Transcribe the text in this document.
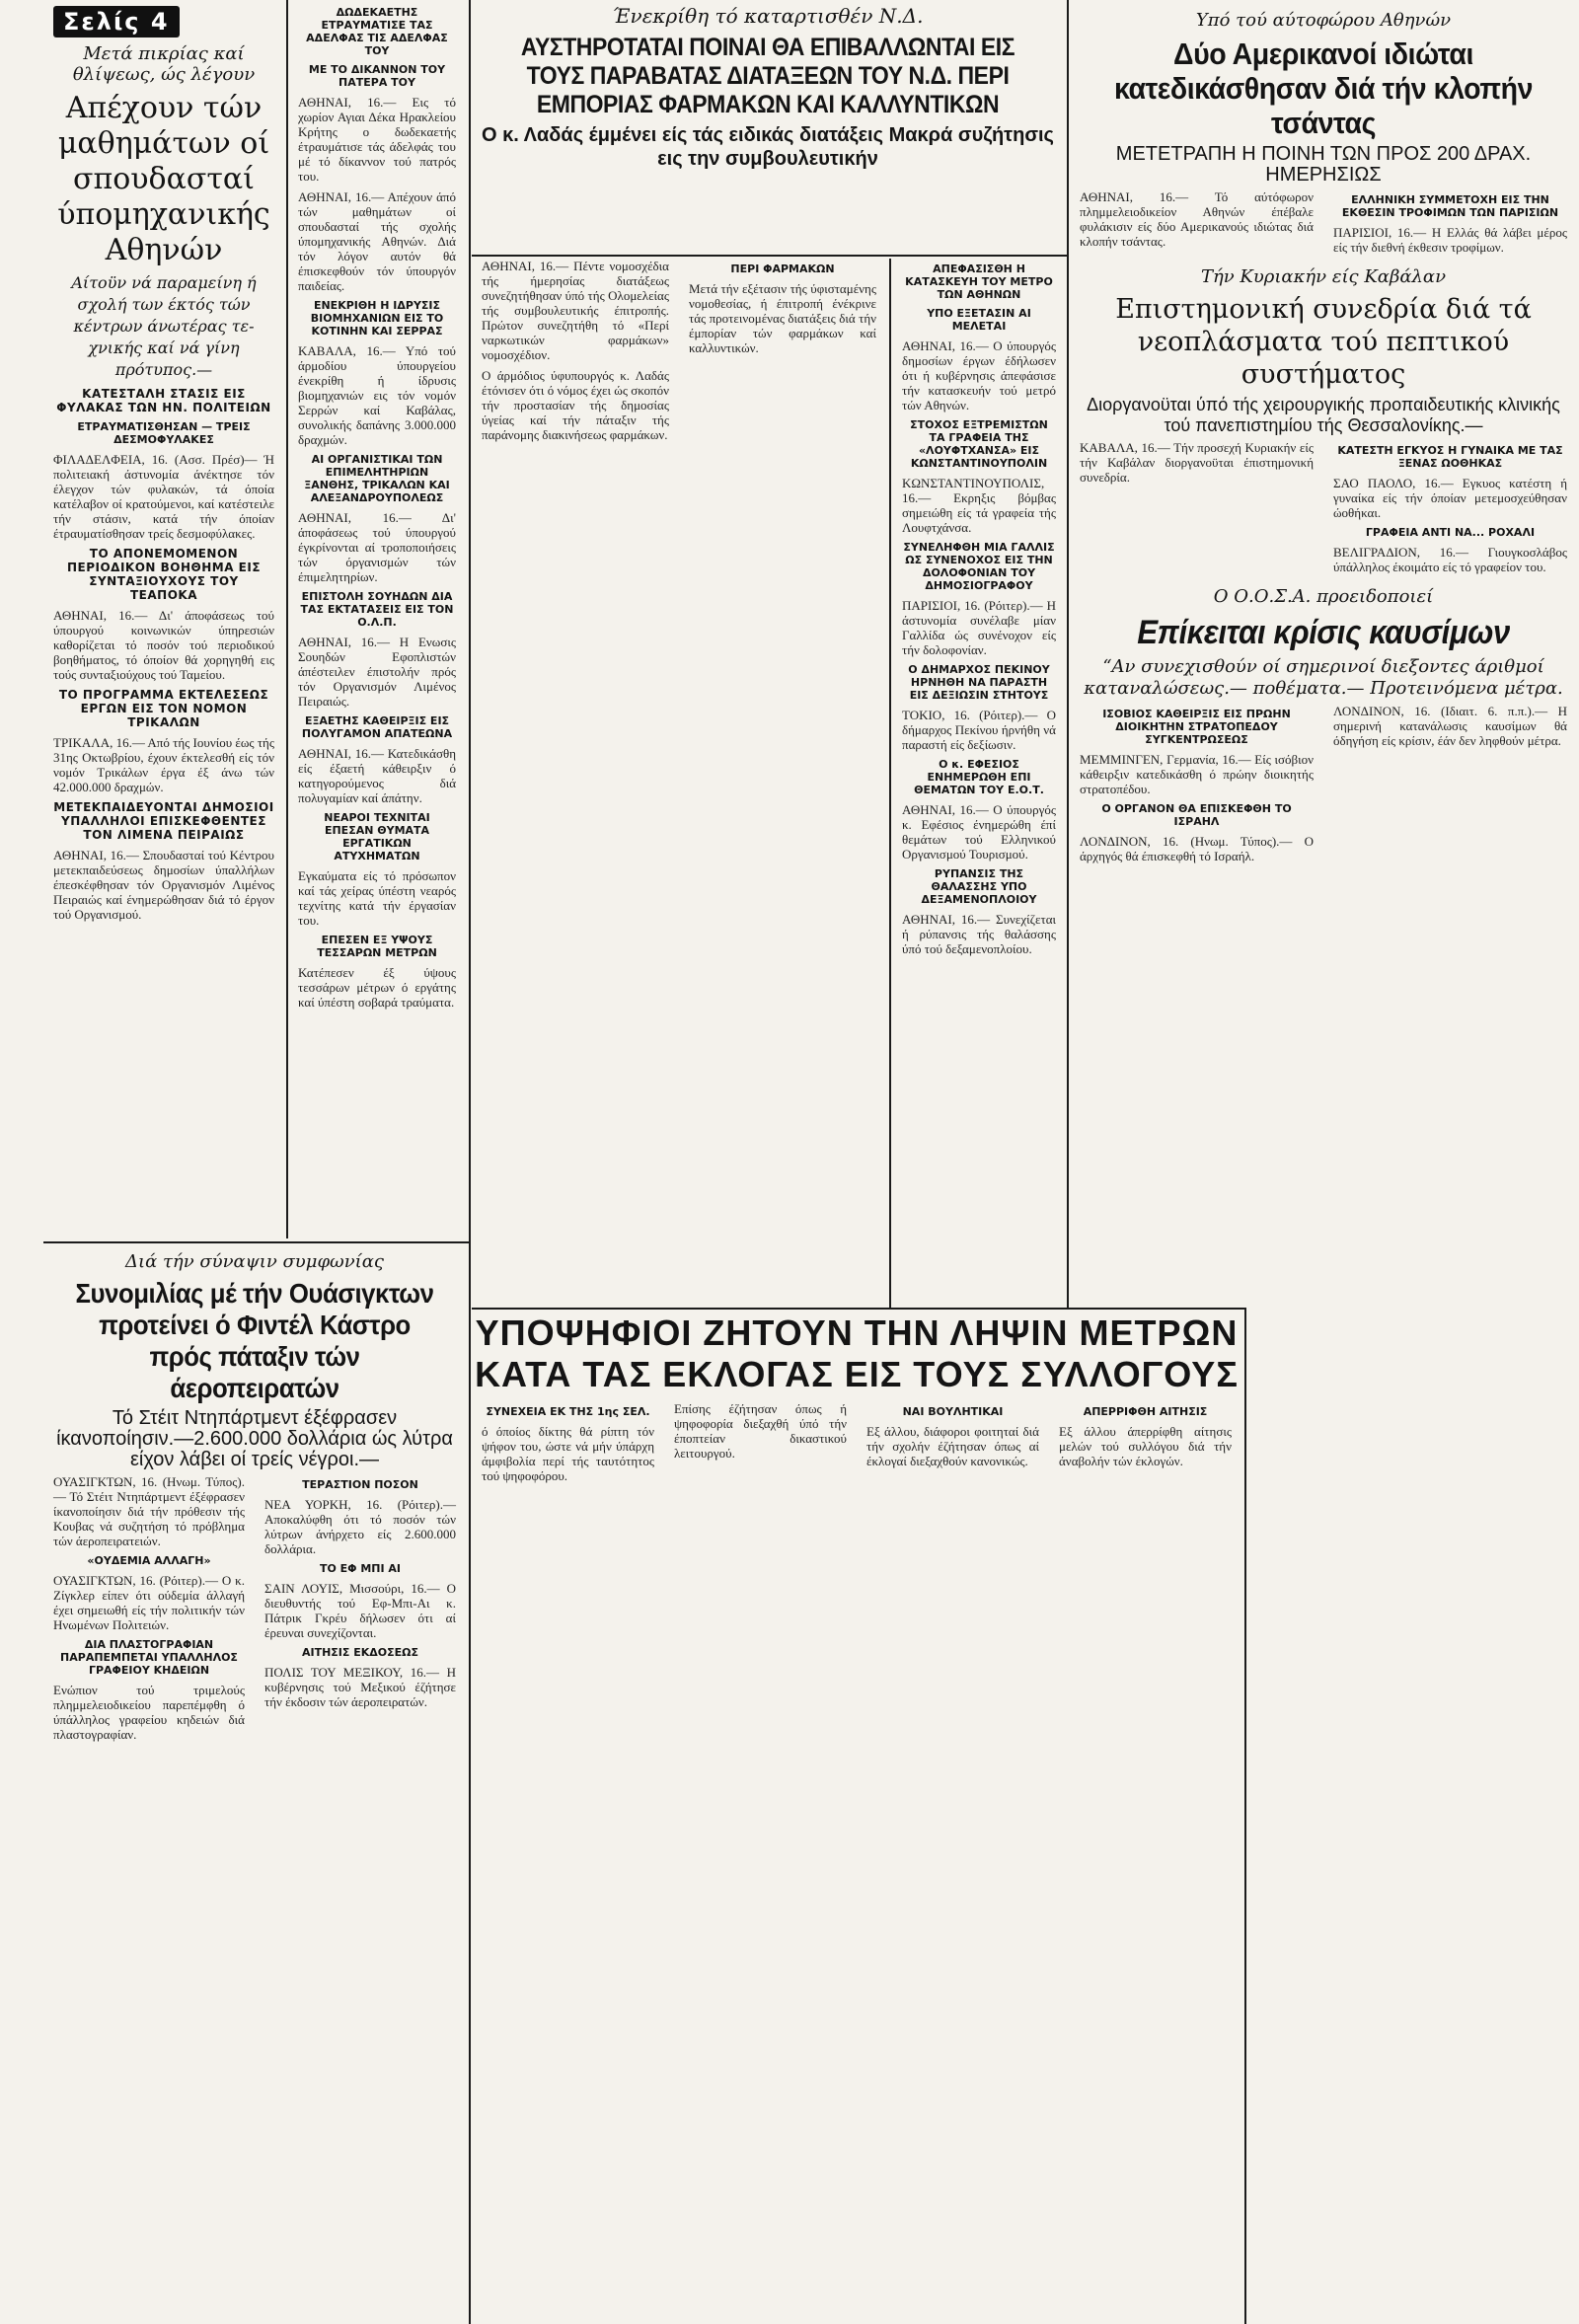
Σελίς 4
Μετά πικρίας καί θλίψεως, ώς λέγουν
Απέχουν τών μαθημάτων οί σπουδασταί ύπομηχανικής Αθηνών
Αίτοϋν νά παραμείνη ή σχολή των έκτός τών κέντρων άνωτέρας τε-χνικής καί νά γίνη πρότυπος.—
ΚΑΤΕΣΤΑΛΗ ΣΤΑΣΙΣ ΕΙΣ ΦΥΛΑΚΑΣ ΤΩΝ ΗΝ. ΠΟΛΙΤΕΙΩΝ
ΕΤΡΑΥΜΑΤΙΣΘΗΣΑΝ — ΤΡΕΙΣ ΔΕΣΜΟΦΥΛΑΚΕΣ

ΦΙΛΑΔΕΛΦΕΙΑ, 16. (Ασσ. Πρέσ)— Ή πολιτειακή άστυνομία άνέκτησε τόν έλεγχον τών φυλακών, τά όποία κατέλαβον οί κρατούμενοι, καί κατέστειλε τήν στάσιν, κατά τήν όποίαν έτραυματίσθησαν τρείς δεσμοφύλακες.

ΤΟ ΑΠΟΝΕΜΟΜΕΝΟΝ ΠΕΡΙΟΔΙΚΟΝ ΒΟΗΘΗΜΑ ΕΙΣ ΣΥΝΤΑΞΙΟΥΧΟΥΣ ΤΟΥ ΤΕΑΠΟΚΑ

ΑΘΗΝΑΙ, 16.— Δι' άποφάσεως τού ύπουργού κοινωνικών ύπηρεσιών καθορίζεται τό ποσόν τού περιοδικού βοηθήματος, τό όποίον θά χορηγηθή εις τούς συνταξιούχους τού Ταμείου.

ΤΟ ΠΡΟΓΡΑΜΜΑ ΕΚΤΕΛΕΣΕΩΣ ΕΡΓΩΝ ΕΙΣ ΤΟΝ ΝΟΜΟΝ ΤΡΙΚΑΛΩΝ

ΤΡΙΚΑΛΑ, 16.— Από τής Ιουνίου έως τής 31ης Οκτωβρίου, έχουν έκτελεσθή είς τόν νομόν Τρικάλων έργα έξ άνω τών 42.000.000 δραχμών.

ΜΕΤΕΚΠΑΙΔΕΥΟΝΤΑΙ ΔΗΜΟΣΙΟΙ ΥΠΑΛΛΗΛΟΙ ΕΠΙΣΚΕΦΘΕΝΤΕΣ ΤΟΝ ΛΙΜΕΝΑ ΠΕΙΡΑΙΩΣ

ΑΘΗΝΑΙ, 16.— Σπουδασταί τού Κέντρου μετεκπαιδεύσεως δημοσίων ύπαλλήλων έπεσκέφθησαν τόν Οργανισμόν Λιμένος Πειραιώς καί ένημερώθησαν διά τό έργον τού Οργανισμού.

ΔΩΔΕΚΑΕΤΗΣ ΕΤΡΑΥΜΑΤΙΣΕ ΤΑΣ ΑΔΕΛΦΑΣ ΤΙΣ ΑΔΕΛΦΑΣ ΤΟΥ
ΜΕ ΤΟ ΔΙΚΑΝΝΟΝ ΤΟΥ ΠΑΤΕΡΑ ΤΟΥ

ΑΘΗΝΑΙ, 16.— Εις τό χωρίον Αγιαι Δέκα Ηρακλείου Κρήτης ο δωδεκαετής έτραυμάτισε τάς άδελφάς του μέ τό δίκαννον τού πατρός του.

ΑΘΗΝΑΙ, 16.— Απέχουν άπό τών μαθημάτων οί σπουδασταί τής σχολής ύπομηχανικής Αθηνών. Διά τόν λόγον αυτόν θά έπισκεφθούν τόν ύπουργόν παιδείας.

ΕΝΕΚΡΙΘΗ Η ΙΔΡΥΣΙΣ ΒΙΟΜΗΧΑΝΙΩΝ ΕΙΣ ΤΟ ΚΟΤΙΝΗΝ ΚΑΙ ΣΕΡΡΑΣ

ΚΑΒΑΛΑ, 16.— Υπό τού άρμοδίου ύπουργείου ένεκρίθη ή ίδρυσις βιομηχανιών εις τόν νομόν Σερρών καί Καβάλας, συνολικής δαπάνης 3.000.000 δραχμών.

ΑΙ ΟΡΓΑΝΙΣΤΙΚΑΙ ΤΩΝ ΕΠΙΜΕΛΗΤΗΡΙΩΝ ΞΑΝΘΗΣ, ΤΡΙΚΑΛΩΝ ΚΑΙ ΑΛΕΞΑΝΔΡΟΥΠΟΛΕΩΣ

ΑΘΗΝΑΙ, 16.— Δι' άποφάσεως τού ύπουργού έγκρίνονται αί τροποποιήσεις τών όργανισμών τών έπιμελητηρίων.

ΕΠΙΣΤΟΛΗ ΣΟΥΗΔΩΝ ΔΙΑ ΤΑΣ ΕΚΤΑΤΑΣΕΙΣ ΕΙΣ ΤΟΝ Ο.Λ.Π.

ΑΘΗΝΑΙ, 16.— Η Ενωσις Σουηδών Εφοπλιστών άπέστειλεν έπιστολήν πρός τόν Οργανισμόν Λιμένος Πειραιώς.

ΕΞΑΕΤΗΣ ΚΑΘΕΙΡΞΙΣ ΕΙΣ ΠΟΛΥΓΑΜΟΝ ΑΠΑΤΕΩΝΑ

ΑΘΗΝΑΙ, 16.— Κατεδικάσθη είς έξαετή κάθειρξιν ό κατηγορούμενος διά πολυγαμίαν καί άπάτην.

ΝΕΑΡΟΙ ΤΕΧΝΙΤΑΙ ΕΠΕΣΑΝ ΘΥΜΑΤΑ ΕΡΓΑΤΙΚΩΝ ΑΤΥΧΗΜΑΤΩΝ

Εγκαύματα είς τό πρόσωπον καί τάς χείρας ύπέστη νεαρός τεχνίτης κατά τήν έργασίαν του.

ΕΠΕΣΕΝ ΕΞ ΥΨΟΥΣ ΤΕΣΣΑΡΩΝ ΜΕΤΡΩΝ

Κατέπεσεν έξ ύψους τεσσάρων μέτρων ό εργάτης καί ύπέστη σοβαρά τραύματα.

Διά τήν σύναψιν συμφωνίας
Συνομιλίας μέ τήν Ουάσιγκτων προτείνει ό Φιντέλ Κάστρο πρός πάταξιν τών άεροπειρατών
Τό Στέιτ Ντηπάρτμεντ έξέφρασεν ίκανοποίησιν.—2.600.000 δολλάρια ώς λύτρα είχον λάβει οί τρείς νέγροι.—

ΟΥΑΣΙΓΚΤΩΝ, 16. (Ηνωμ. Τύπος).— Τό Στέιτ Ντηπάρτμεντ έξέφρασεν ίκανοποίησιν διά τήν πρόθεσιν τής Κουβας νά συζητήση τό πρόβλημα τών άεροπειρατειών.

«ΟΥΔΕΜΙΑ ΑΛΛΑΓΗ»

ΟΥΑΣΙΓΚΤΩΝ, 16. (Ρόιτερ).— Ο κ. Ζίγκλερ είπεν ότι ούδεμία άλλαγή έχει σημειωθή είς τήν πολιτικήν τών Ηνωμένων Πολιτειών.

ΔΙΑ ΠΛΑΣΤΟΓΡΑΦΙΑΝ ΠΑΡΑΠΕΜΠΕΤΑΙ ΥΠΑΛΛΗΛΟΣ ΓΡΑΦΕΙΟΥ ΚΗΔΕΙΩΝ

Ενώπιον τού τριμελούς πλημμελειοδικείου παρεπέμφθη ό ύπάλληλος γραφείου κηδειών διά πλαστογραφίαν.

ΤΕΡΑΣΤΙΟΝ ΠΟΣΟΝ

ΝΕΑ ΥΟΡΚΗ, 16. (Ρόιτερ).— Αποκαλύφθη ότι τό ποσόν τών λύτρων άνήρχετο είς 2.600.000 δολλάρια.

ΤΟ ΕΦ ΜΠΙ ΑΙ

ΣΑΙΝ ΛΟΥΙΣ, Μισσούρι, 16.— Ο διευθυντής τού Εφ-Μπι-Αι κ. Πάτρικ Γκρέυ δήλωσεν ότι αί έρευναι συνεχίζονται.

ΑΙΤΗΣΙΣ ΕΚΔΟΣΕΩΣ

ΠΟΛΙΣ ΤΟΥ ΜΕΞΙΚΟΥ, 16.— Η κυβέρνησις τού Μεξικού έζήτησε τήν έκδοσιν τών άεροπειρατών.

Ένεκρίθη τό καταρτισθέν Ν.Δ.
ΑΥΣΤΗΡΟΤΑΤΑΙ ΠΟΙΝΑΙ ΘΑ ΕΠΙΒΑΛΛΩΝΤΑΙ ΕΙΣ ΤΟΥΣ ΠΑΡΑΒΑΤΑΣ ΔΙΑΤΑΞΕΩΝ ΤΟΥ Ν.Δ. ΠΕΡΙ ΕΜΠΟΡΙΑΣ ΦΑΡΜΑΚΩΝ ΚΑΙ ΚΑΛΛΥΝΤΙΚΩΝ
Ο κ. Λαδάς έμμένει είς τάς ειδικάς διατάξεις Μακρά συζήτησις εις την συμβουλευτικήν

ΑΘΗΝΑΙ, 16.— Πέντε νομοσχέδια τής ήμερησίας διατάξεως συνεζητήθησαν ύπό τής Ολομελείας τής συμβουλευτικής έπιτροπής. Πρώτον συνεζητήθη τό «Περί ναρκωτικών φαρμάκων» νομοσχέδιον.

Ο άρμόδιος ύφυπουργός κ. Λαδάς έτόνισεν ότι ό νόμος έχει ώς σκοπόν τήν προστασίαν τής δημοσίας ύγείας καί τήν πάταξιν τής παράνομης διακινήσεως φαρμάκων.

ΠΕΡΙ ΦΑΡΜΑΚΩΝ

Μετά τήν εξέτασιν τής ύφισταμένης νομοθεσίας, ή έπιτροπή ένέκρινε τάς προτεινομένας διατάξεις διά τήν έμπορίαν τών φαρμάκων καί καλλυντικών.

ΑΠΕΦΑΣΙΣΘΗ Η ΚΑΤΑΣΚΕΥΗ ΤΟΥ ΜΕΤΡΟ ΤΩΝ ΑΘΗΝΩΝ
ΥΠΟ ΕΞΕΤΑΣΙΝ ΑΙ ΜΕΛΕΤΑΙ

ΑΘΗΝΑΙ, 16.— Ο ύπουργός δημοσίων έργων έδήλωσεν ότι ή κυβέρνησις άπεφάσισε τήν κατασκευήν τού μετρό τών Αθηνών.

ΣΤΟΧΟΣ ΕΞΤΡΕΜΙΣΤΩΝ ΤΑ ΓΡΑΦΕΙΑ ΤΗΣ «ΛΟΥΦΤΧΑΝΣΑ» ΕΙΣ ΚΩΝΣΤΑΝΤΙΝΟΥΠΟΛΙΝ

ΚΩΝΣΤΑΝΤΙΝΟΥΠΟΛΙΣ, 16.— Εκρηξις βόμβας σημειώθη είς τά γραφεία τής Λουφτχάνσα.

ΣΥΝΕΛΗΦΘΗ ΜΙΑ ΓΑΛΛΙΣ ΩΣ ΣΥΝΕΝΟΧΟΣ ΕΙΣ ΤΗΝ ΔΟΛΟΦΟΝΙΑΝ ΤΟΥ ΔΗΜΟΣΙΟΓΡΑΦΟΥ

ΠΑΡΙΣΙΟΙ, 16. (Ρόιτερ).— Η άστυνομία συνέλαβε μίαν Γαλλίδα ώς συνένοχον είς τήν δολοφονίαν.

Ο ΔΗΜΑΡΧΟΣ ΠΕΚΙΝΟΥ ΗΡΝΗΘΗ ΝΑ ΠΑΡΑΣΤΗ ΕΙΣ ΔΕΞΙΩΣΙΝ ΣΤΗΤΟΥΣ

ΤΟΚΙΟ, 16. (Ρόιτερ).— Ο δήμαρχος Πεκίνου ήρνήθη νά παραστή είς δεξίωσιν.

Ο κ. ΕΦΕΣΙΟΣ ΕΝΗΜΕΡΩΘΗ ΕΠΙ ΘΕΜΑΤΩΝ ΤΟΥ Ε.Ο.Τ.

ΑΘΗΝΑΙ, 16.— Ο ύπουργός κ. Εφέσιος ένημερώθη έπί θεμάτων τού Ελληνικού Οργανισμού Τουρισμού.

ΡΥΠΑΝΣΙΣ ΤΗΣ ΘΑΛΑΣΣΗΣ ΥΠΟ ΔΕΞΑΜΕΝΟΠΛΟΙΟΥ

ΑΘΗΝΑΙ, 16.— Συνεχίζεται ή ρύπανσις τής θαλάσσης ύπό τού δεξαμενοπλοίου.

ΥΠΟΨΗΦΙΟΙ ΖΗΤΟΥΝ ΤΗΝ ΛΗΨΙΝ ΜΕΤΡΩΝ ΚΑΤΑ ΤΑΣ ΕΚΛΟΓΑΣ ΕΙΣ ΤΟΥΣ ΣΥΛΛΟΓΟΥΣ
ΣΥΝΕΧΕΙΑ ΕΚ ΤΗΣ 1ης ΣΕΛ.

ό όποίος δίκτης θά ρίπτη τόν ψήφον του, ώστε νά μήν ύπάρχη άμφιβολία περί τής ταυτότητος τού ψηφοφόρου.

Επίσης έζήτησαν όπως ή ψηφοφορία διεξαχθή ύπό τήν έποπτείαν δικαστικού λειτουργού.

ΝΑΙ ΒΟΥΛΗΤΙΚΑΙ

Εξ άλλου, διάφοροι φοιτηταί διά τήν σχολήν έζήτησαν όπως αί έκλογαί διεξαχθούν κανονικώς.

ΑΠΕΡΡΙΦΘΗ ΑΙΤΗΣΙΣ

Εξ άλλου άπερρίφθη αίτησις μελών τού συλλόγου διά τήν άναβολήν τών έκλογών.

Υπό τού αύτοφώρου Αθηνών
Δύο Αμερικανοί ιδιώται κατεδικάσθησαν διά τήν κλοπήν τσάντας
ΜΕΤΕΤΡΑΠΗ Η ΠΟΙΝΗ ΤΩΝ ΠΡΟΣ 200 ΔΡΑΧ. ΗΜΕΡΗΣΙΩΣ

ΑΘΗΝΑΙ, 16.— Τό αύτόφωρον πλημμελειοδικείον Αθηνών έπέβαλε φυλάκισιν είς δύο Αμερικανούς ιδιώτας διά κλοπήν τσάντας.

ΕΛΛΗΝΙΚΗ ΣΥΜΜΕΤΟΧΗ ΕΙΣ ΤΗΝ ΕΚΘΕΣΙΝ ΤΡΟΦΙΜΩΝ ΤΩΝ ΠΑΡΙΣΙΩΝ

ΠΑΡΙΣΙΟΙ, 16.— Η Ελλάς θά λάβει μέρος είς τήν διεθνή έκθεσιν τροφίμων.

Τήν Κυριακήν είς Καβάλαν
Επιστημονική συνεδρία διά τά νεοπλάσματα τού πεπτικού συστήματος
Διοργανοϋται ύπό τής χειρουργικής προπαιδευτικής κλινικής τού πανεπιστημίου τής Θεσσαλονίκης.—

ΚΑΒΑΛΑ, 16.— Τήν προσεχή Κυριακήν είς τήν Καβάλαν διοργανοϋται έπιστημονική συνεδρία.

ΚΑΤΕΣΤΗ ΕΓΚΥΟΣ Η ΓΥΝΑΙΚΑ ΜΕ ΤΑΣ ΞΕΝΑΣ ΩΟΘΗΚΑΣ

ΣΑΟ ΠΑΟΛΟ, 16.— Εγκυος κατέστη ή γυναίκα είς τήν όποίαν μετεμοσχεύθησαν ώοθήκαι.

ΓΡΑΦΕΙΑ ΑΝΤΙ ΝΑ... ΡΟΧΑΛΙ

ΒΕΛΙΓΡΑΔΙΟΝ, 16.— Γιουγκοσλάβος ύπάλληλος έκοιμάτο είς τό γραφείον του.

Ο Ο.Ο.Σ.Α. προειδοποιεί
Επίκειται κρίσις καυσίμων
“Αν συνεχισθούν οί σημερινοί διεξοντες άριθμοί καταναλώσεως.— ποθέματα.— Προτεινόμενα μέτρα.
ΙΣΟΒΙΟΣ ΚΑΘΕΙΡΞΙΣ ΕΙΣ ΠΡΩΗΝ ΔΙΟΙΚΗΤΗΝ ΣΤΡΑΤΟΠΕΔΟΥ ΣΥΓΚΕΝΤΡΩΣΕΩΣ

ΜΕΜΜΙΝΓΕΝ, Γερμανία, 16.— Είς ισόβιον κάθειρξιν κατεδικάσθη ό πρώην διοικητής στρατοπέδου.

Ο ΟΡΓΑΝΟΝ ΘΑ ΕΠΙΣΚΕΦΘΗ ΤΟ ΙΣΡΑΗΛ

ΛΟΝΔΙΝΟΝ, 16. (Ηνωμ. Τύπος).— Ο άρχηγός θά έπισκεφθή τό Ισραήλ.

ΛΟΝΔΙΝΟΝ, 16. (Ιδιαιτ. 6. π.π.).— Η σημερινή κατανάλωσις καυσίμων θά όδηγήση είς κρίσιν, έάν δεν ληφθούν μέτρα.
